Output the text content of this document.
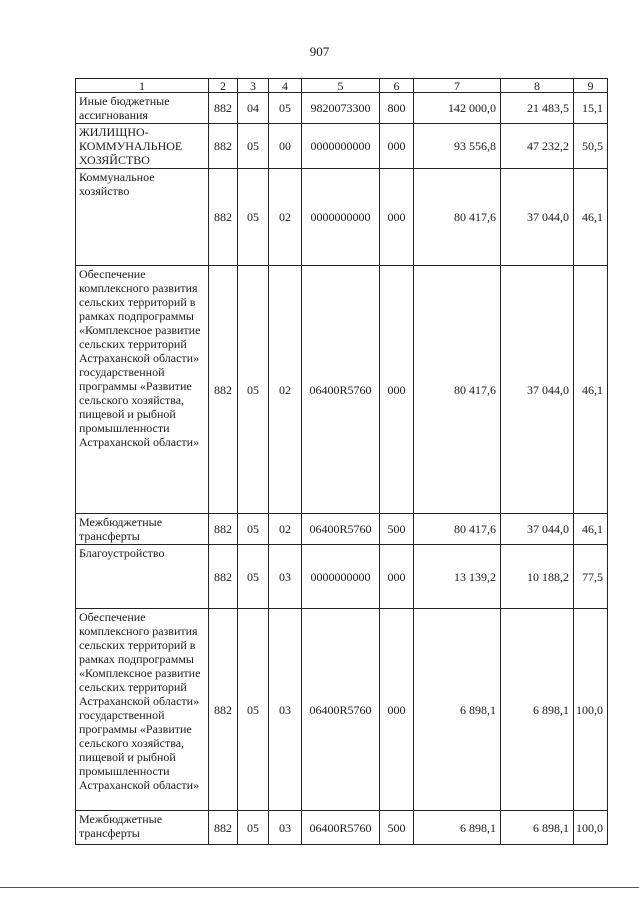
907
1	2	3	4	5	6	7	8	9
Иные бюджетные ассигнования	882	04	05	9820073300	800	142 000,0	21 483,5	15,1
ЖИЛИЩНО-КОММУНАЛЬНОЕ ХОЗЯЙСТВО	882	05	00	0000000000	000	93 556,8	47 232,2	50,5
Коммунальное хозяйство	882	05	02	0000000000	000	80 417,6	37 044,0	46,1
Обеспечение комплексного развития сельских территорий в рамках подпрограммы «Комплексное развитие сельских территорий Астраханской области» государственной программы «Развитие сельского хозяйства, пищевой и рыбной промышленности Астраханской области»	882	05	02	06400R5760	000	80 417,6	37 044,0	46,1
Межбюджетные трансферты	882	05	02	06400R5760	500	80 417,6	37 044,0	46,1
Благоустройство	882	05	03	0000000000	000	13 139,2	10 188,2	77,5
Обеспечение комплексного развития сельских территорий в рамках подпрограммы «Комплексное развитие сельских территорий Астраханской области» государственной программы «Развитие сельского хозяйства, пищевой и рыбной промышленности Астраханской области»	882	05	03	06400R5760	000	6 898,1	6 898,1	100,0
Межбюджетные трансферты	882	05	03	06400R5760	500	6 898,1	6 898,1	100,0
